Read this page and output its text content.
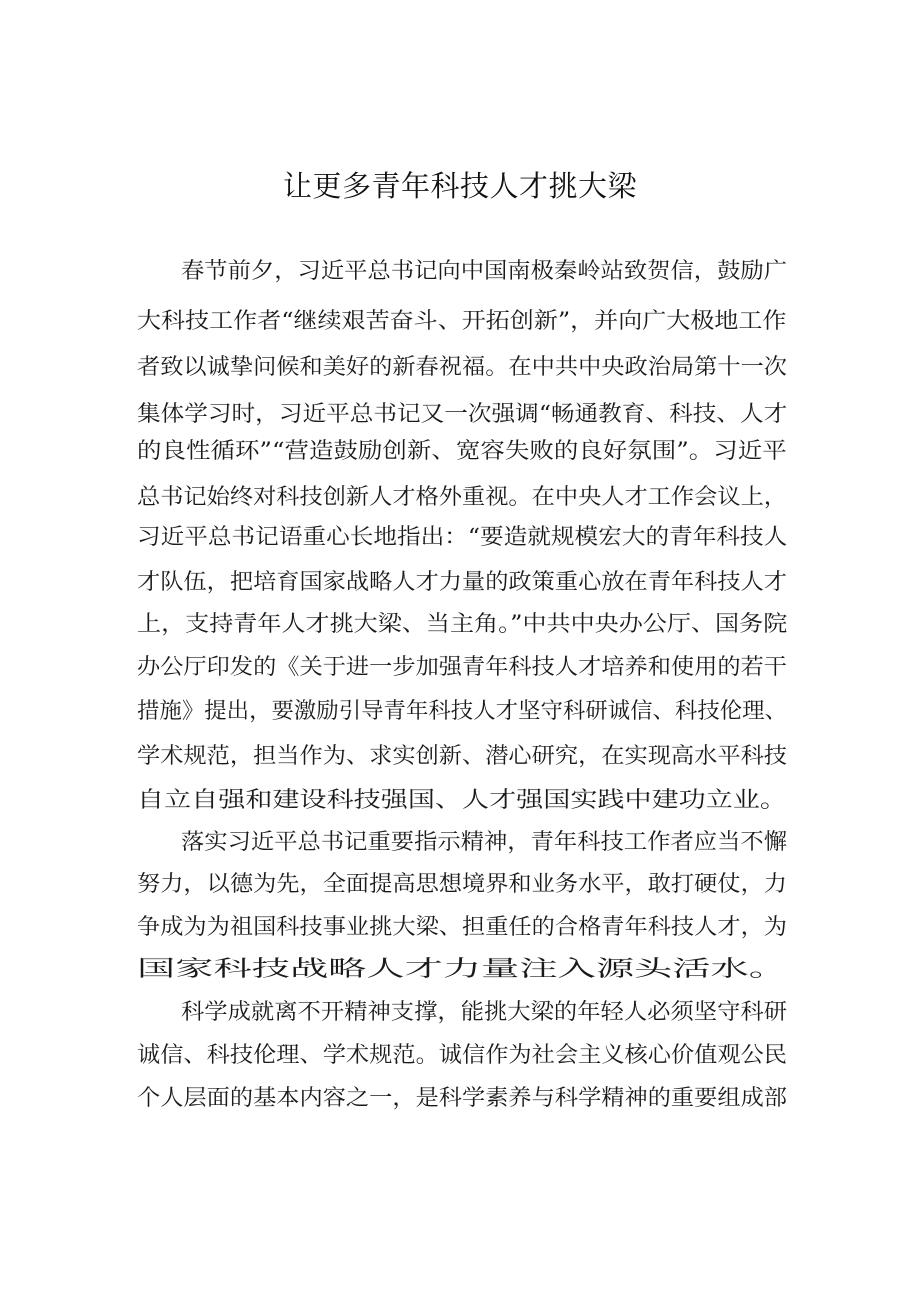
让更多青年科技人才挑大梁
春节前夕，习近平总书记向中国南极秦岭站致贺信，鼓励广
大科技工作者“继续艰苦奋斗、开拓创新”，并向广大极地工作
者致以诚挚问候和美好的新春祝福。在中共中央政治局第十一次
集体学习时，习近平总书记又一次强调“畅通教育、科技、人才
的良性循环”“营造鼓励创新、宽容失败的良好氛围”。习近平
总书记始终对科技创新人才格外重视。在中央人才工作会议上，
习近平总书记语重心长地指出：“要造就规模宏大的青年科技人
才队伍，把培育国家战略人才力量的政策重心放在青年科技人才
上，支持青年人才挑大梁、当主角。”中共中央办公厅、国务院
办公厅印发的《关于进一步加强青年科技人才培养和使用的若干
措施》提出，要激励引导青年科技人才坚守科研诚信、科技伦理、
学术规范，担当作为、求实创新、潜心研究，在实现高水平科技
自立自强和建设科技强国、人才强国实践中建功立业。
落实习近平总书记重要指示精神，青年科技工作者应当不懈
努力，以德为先，全面提高思想境界和业务水平，敢打硬仗，力
争成为为祖国科技事业挑大梁、担重任的合格青年科技人才，为
国家科技战略人才力量注入源头活水。
科学成就离不开精神支撑，能挑大梁的年轻人必须坚守科研
诚信、科技伦理、学术规范。诚信作为社会主义核心价值观公民
个人层面的基本内容之一，是科学素养与科学精神的重要组成部
